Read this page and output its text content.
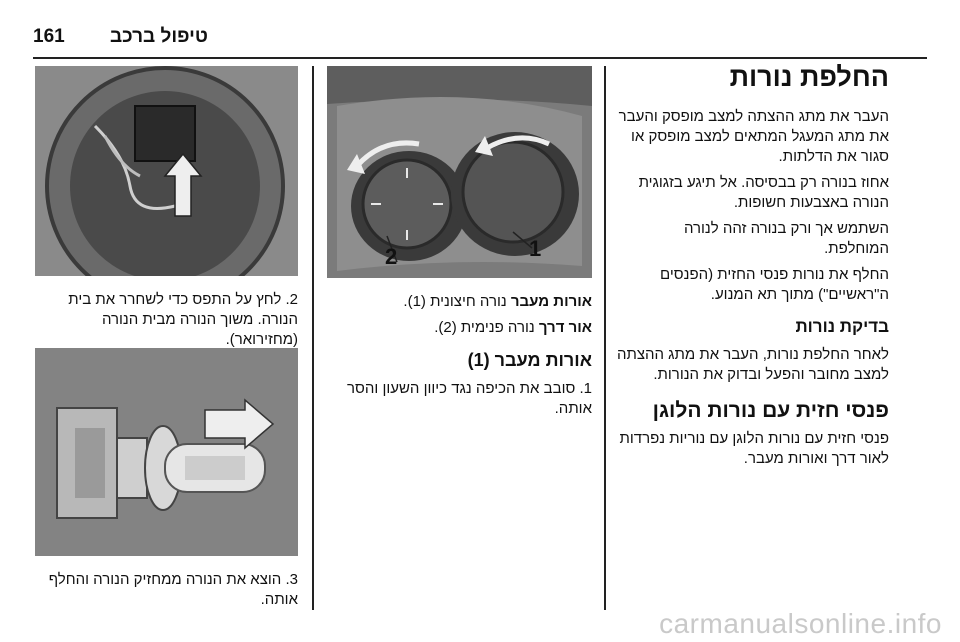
161 טיפול ברכב
החלפת נורות

העבר את מתג ההצתה למצב מופסק והעבר את מתג המעגל המתאים למצב מופסק או סגור את הדלתות.

אחוז בנורה רק בבסיסה. אל תיגע בזגוגית הנורה באצבעות חשופות.

השתמש אך ורק בנורה זהה לנורה המוחלפת.

החלף את נורות פנסי החזית (הפנסים ה"ראשיים") מתוך תא המנוע.

בדיקת נורות

לאחר החלפת נורות, העבר את מתג ההצתה למצב מחובר והפעל ובדוק את הנורות.

פנסי חזית עם נורות הלוגן

פנסי חזית עם נורות הלוגן עם נוריות נפרדות לאור דרך ואורות מעבר.

2	1

אורות מעבר נורה חיצונית (1).

אור דרך נורה פנימית (2).

אורות מעבר (1)

1. סובב את הכיפה נגד כיוון השעון והסר אותה.

2. לחץ על התפס כדי לשחרר את בית הנורה. משוך הנורה מבית הנורה (מחזירואר).
3. הוצא את הנורה ממחזיק הנורה והחלף אותה.
carmanualsonline.info
